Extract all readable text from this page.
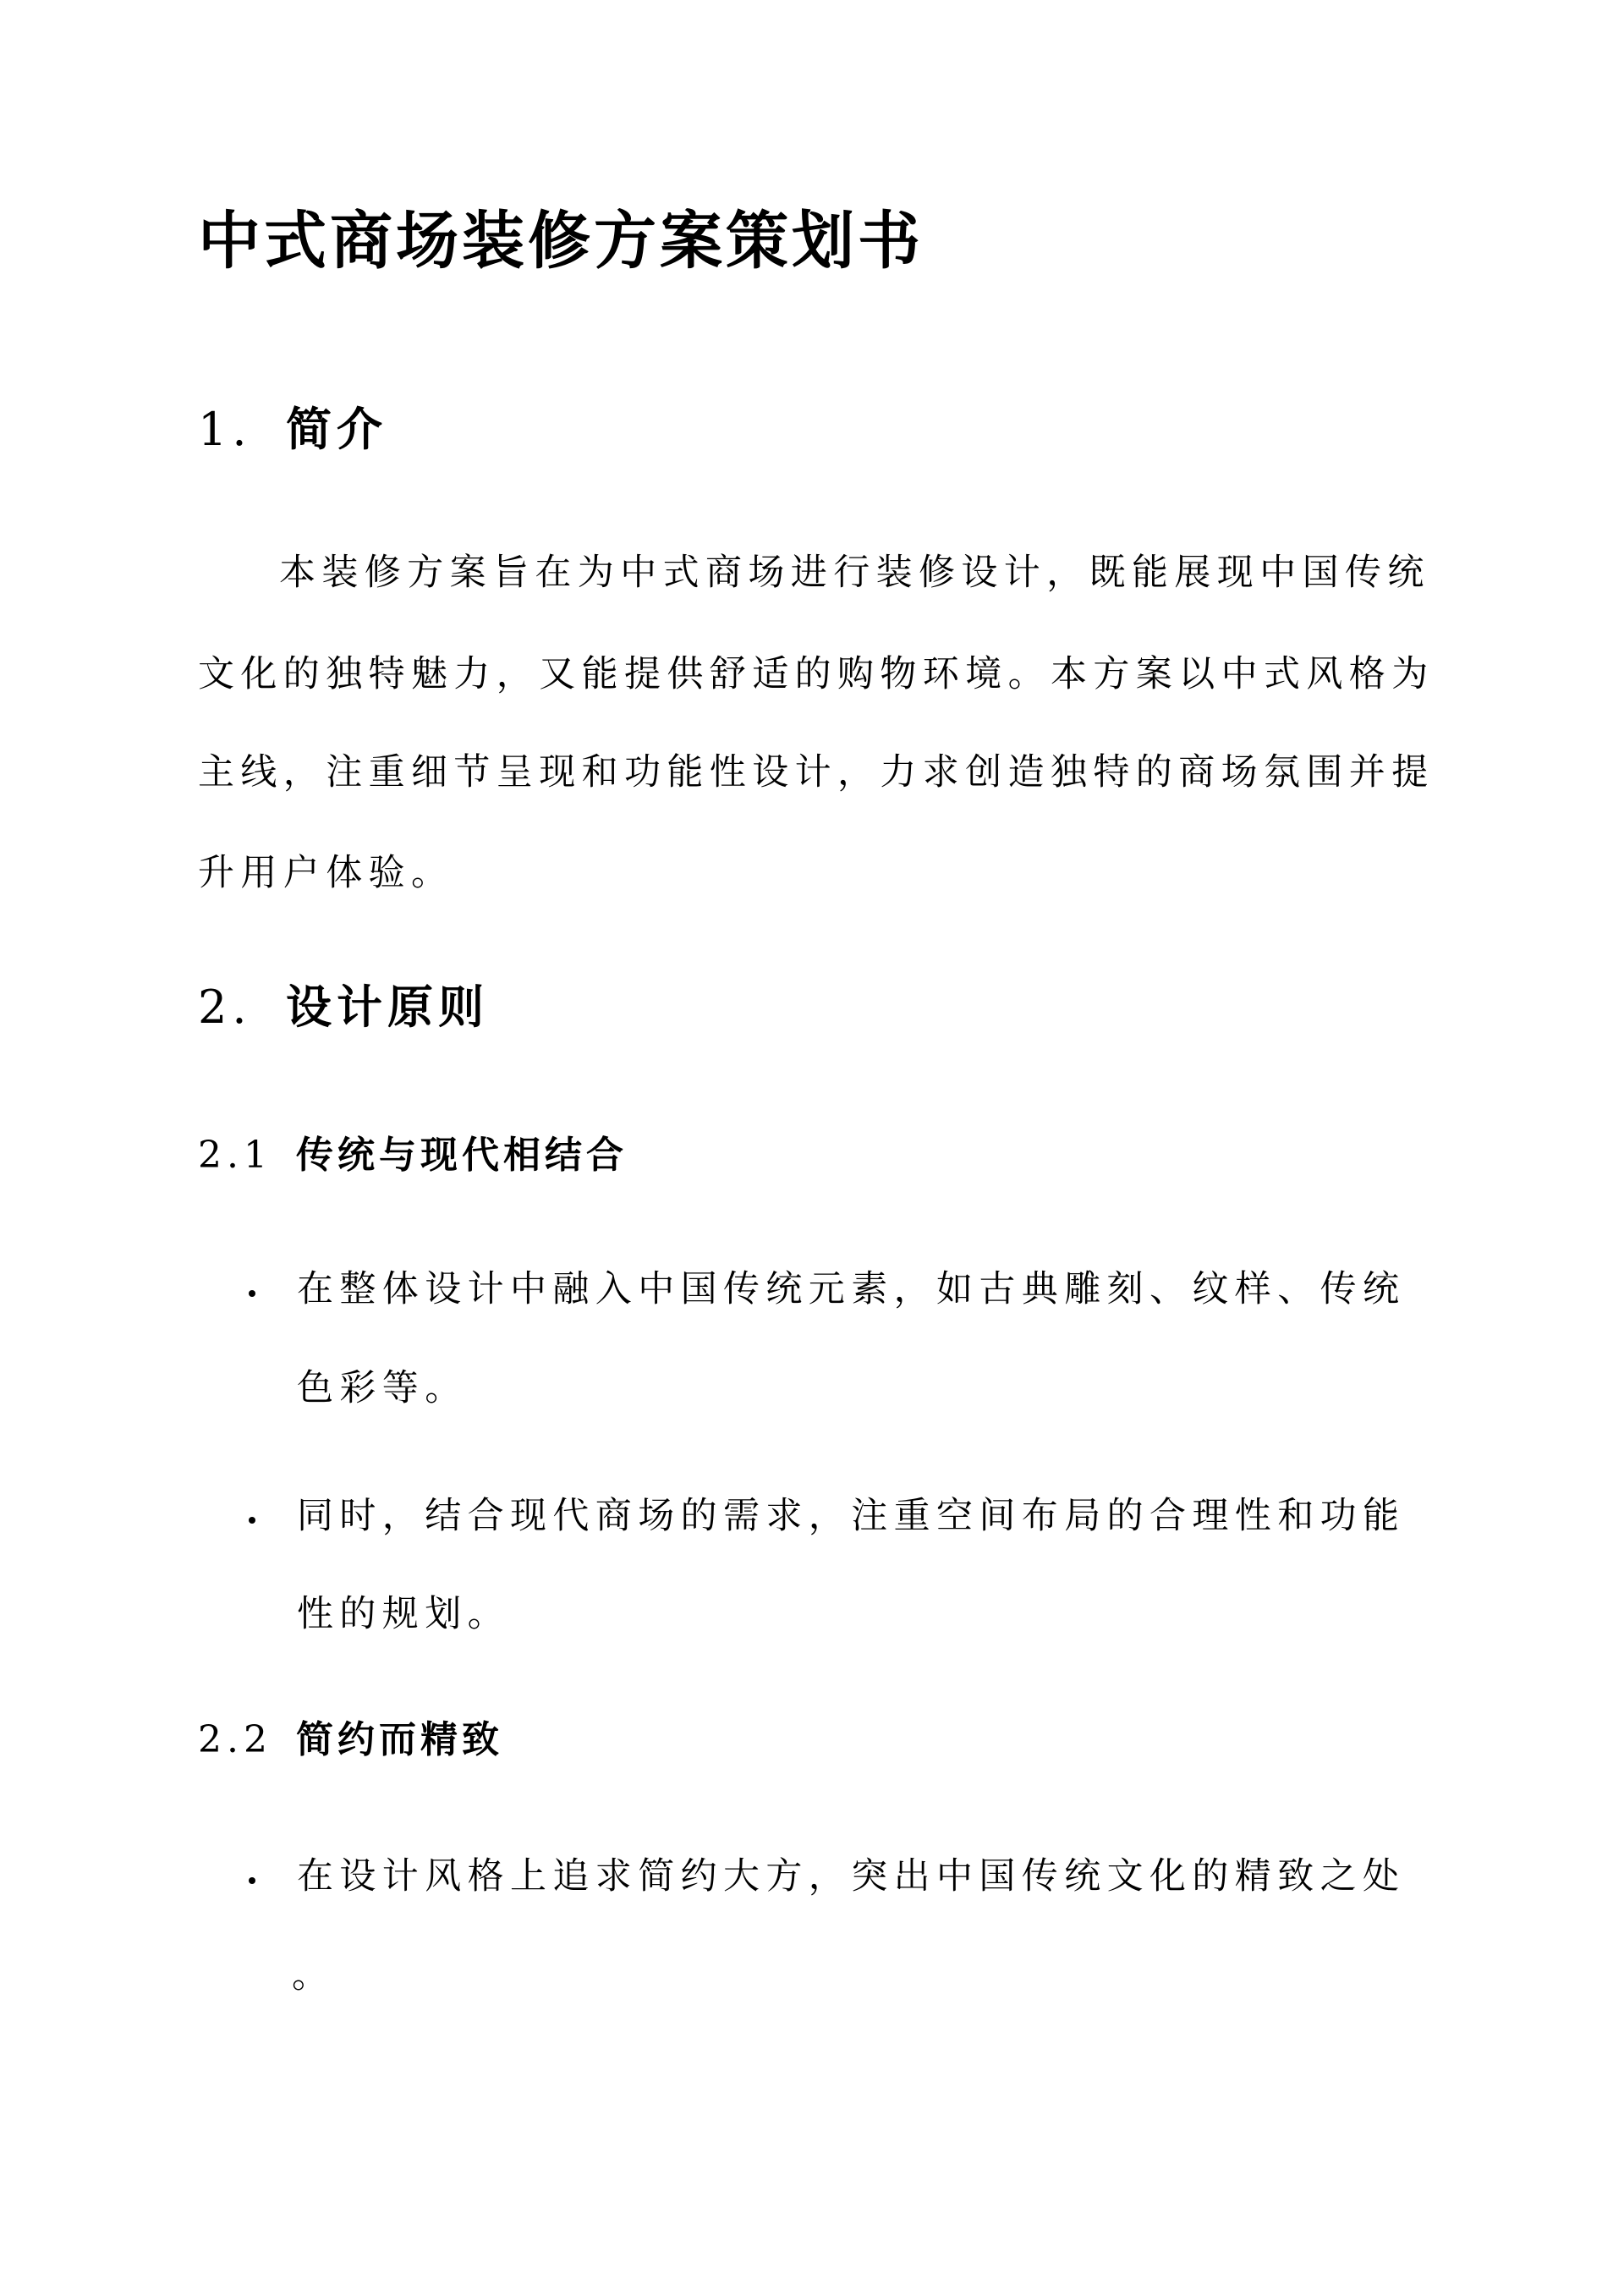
中式商场装修方案策划书
1. 简介

本装修方案旨在为中式商场进行装修设计，既能展现中国传统

文化的独特魅力，又能提供舒适的购物环境。本方案以中式风格为

主线，注重细节呈现和功能性设计，力求创造独特的商场氛围并提

升用户体验。

2. 设计原则
2.1 传统与现代相结合

在整体设计中融入中国传统元素，如古典雕刻、纹样、传统

色彩等。

同时，结合现代商场的需求，注重空间布局的合理性和功能

性的规划。

2.2 简约而精致

在设计风格上追求简约大方，突出中国传统文化的精致之处

。
